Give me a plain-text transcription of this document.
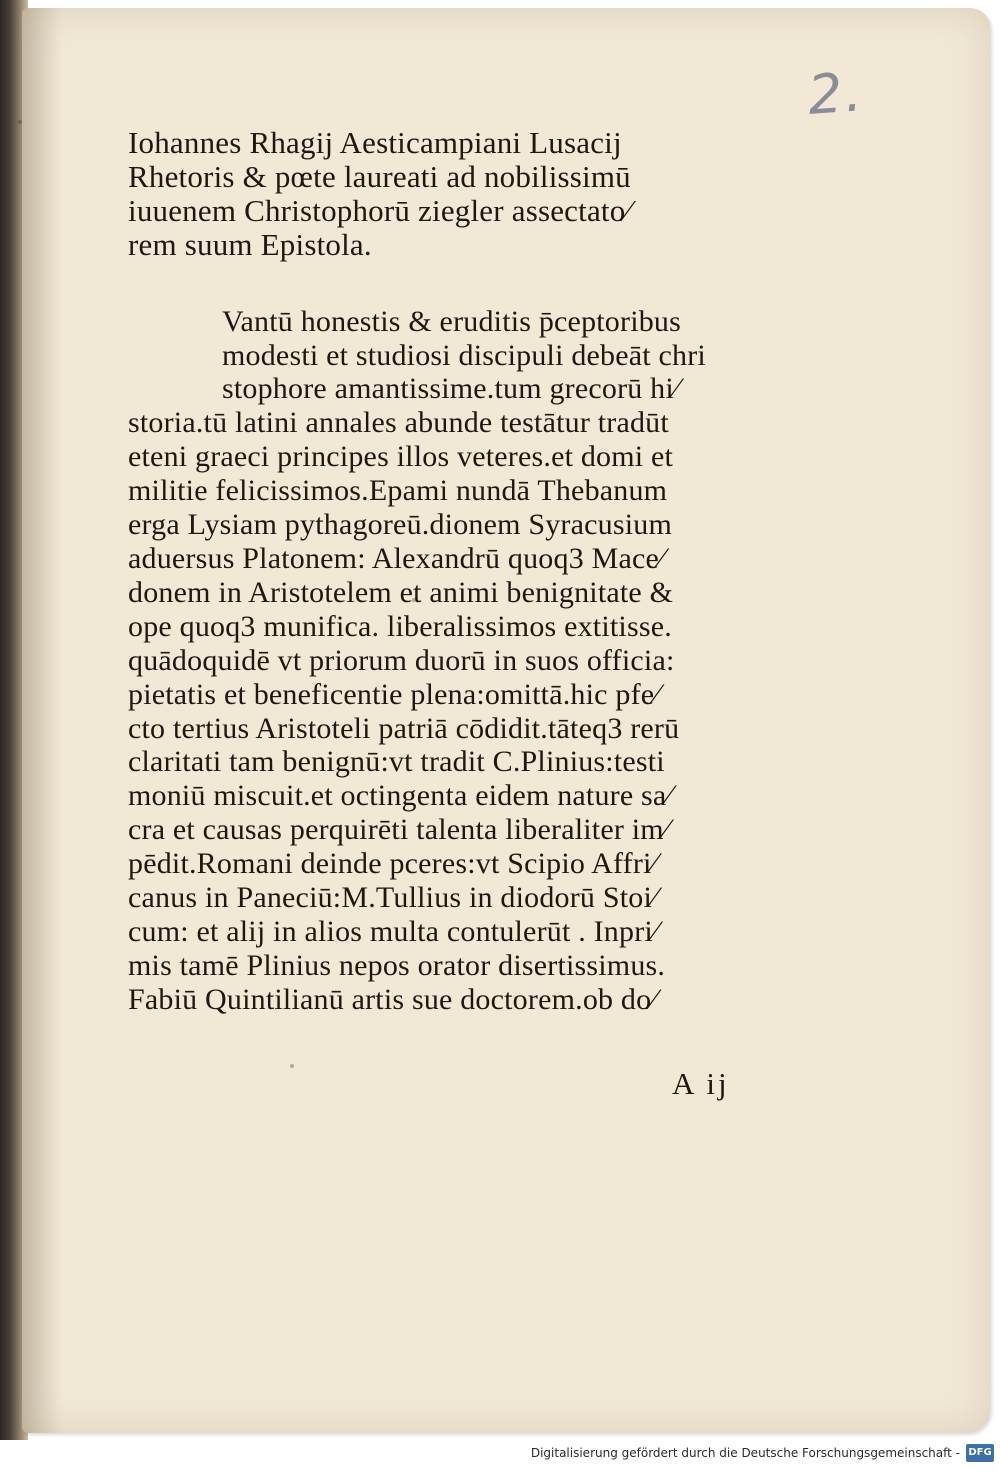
2.
Iohannes Rhagij Aesticampiani Lusacij
Rhetoris & pœte laureati ad nobilissimū
iuuenem Christophorū ziegler assectato⁄
rem suum Epistola.
Vantū honestis & eruditis p̄ceptoribus
modesti et studiosi discipuli debeāt chri
stophore amantissime.tum grecorū hi⁄
storia.tū latini annales abunde testātur tradūt
eteni graeci principes illos veteres.et domi et
militie felicissimos.Epami nundā Thebanum
erga Lysiam pythagoreū.dionem Syracusium
aduersus Platonem: Alexandrū quoq3 Mace⁄
donem in Aristotelem et animi benignitate &
ope quoq3 munifica. liberalissimos extitisse.
quādoquidē vt priorum duorū in suos officia:
pietatis et beneficentie plena:omittā.hic pfe⁄
cto tertius Aristoteli patriā cōdidit.tāteq3 rerū
claritati tam benignū:vt tradit C.Plinius:testi
moniū miscuit.et octingenta eidem nature sa⁄
cra et causas perquirēti talenta liberaliter im⁄
pēdit.Romani deinde pceres:vt Scipio Affri⁄
canus in Paneciū:M.Tullius in diodorū Stoi⁄
cum: et alij in alios multa contulerūt . Inpri⁄
mis tamē Plinius nepos orator disertissimus.
Fabiū Quintilianū artis sue doctorem.ob do⁄
A ij
Digitalisierung gefördert durch die Deutsche Forschungsgemeinschaft - DFG
